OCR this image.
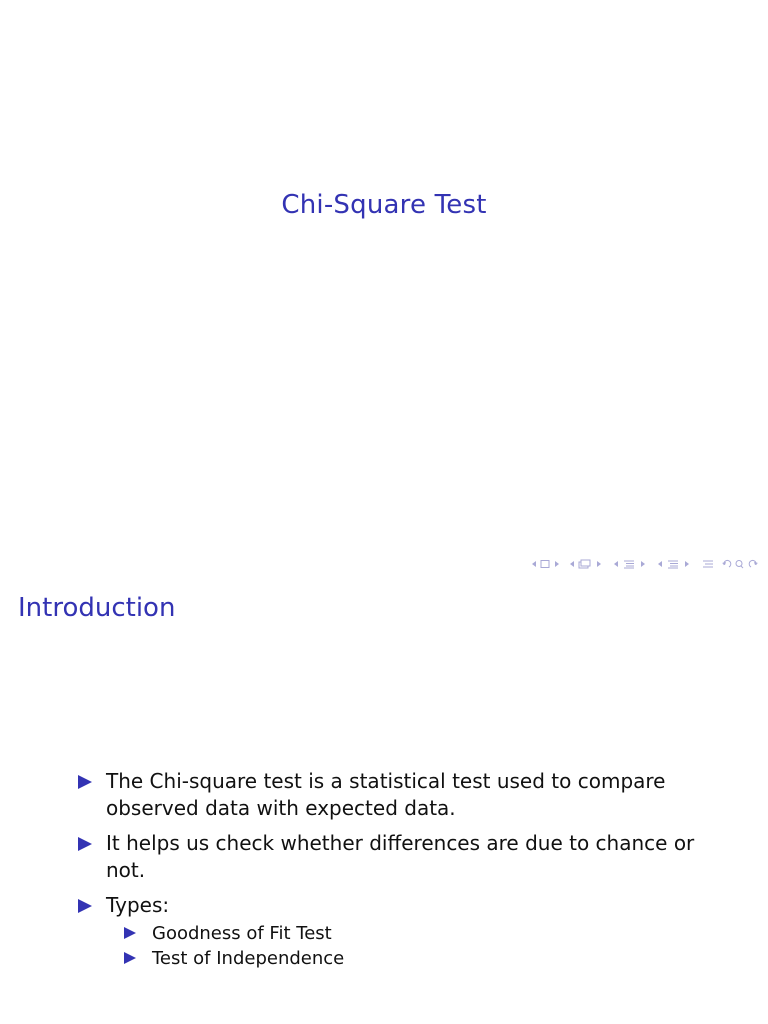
Chi-Square Test
Introduction
The Chi-square test is a statistical test used to compare observed data with expected data.
It helps us check whether differences are due to chance or not.
Types:
Goodness of Fit Test
Test of Independence
